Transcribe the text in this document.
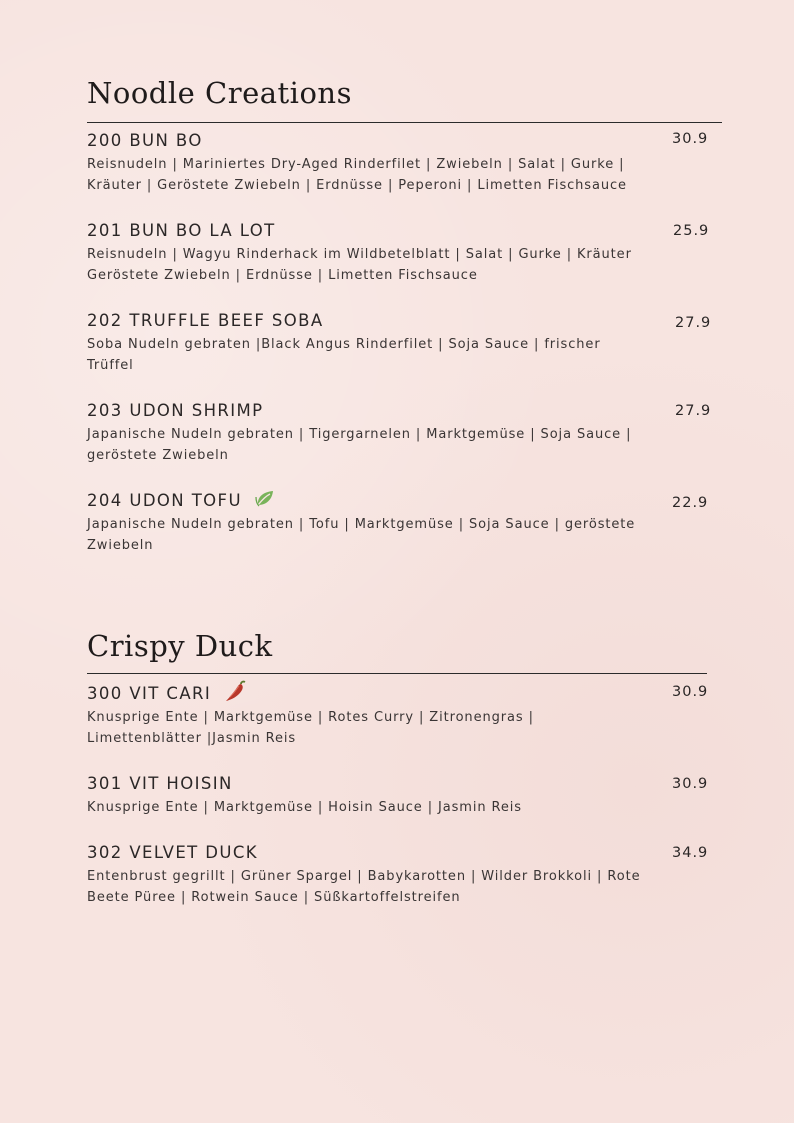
Noodle Creations
200 BUN BO
Reisnudeln | Mariniertes Dry-Aged Rinderfilet | Zwiebeln | Salat | Gurke | Kräuter | Geröstete Zwiebeln | Erdnüsse | Peperoni | Limetten Fischsauce
30.9
201 BUN BO LA LOT
Reisnudeln | Wagyu Rinderhack im Wildbetelblatt | Salat | Gurke | Kräuter Geröstete Zwiebeln | Erdnüsse | Limetten Fischsauce
25.9
202 TRUFFLE BEEF SOBA
Soba Nudeln gebraten |Black Angus Rinderfilet | Soja Sauce | frischer Trüffel
27.9
203 UDON SHRIMP
Japanische Nudeln gebraten | Tigergarnelen | Marktgemüse | Soja Sauce | geröstete Zwiebeln
27.9
204 UDON TOFU
Japanische Nudeln gebraten | Tofu | Marktgemüse | Soja Sauce | geröstete Zwiebeln
22.9
Crispy Duck
300 VIT CARI
Knusprige Ente | Marktgemüse | Rotes Curry | Zitronengras | Limettenblätter |Jasmin Reis
30.9
301 VIT HOISIN
Knusprige Ente | Marktgemüse | Hoisin Sauce | Jasmin Reis
30.9
302 VELVET DUCK
Entenbrust gegrillt | Grüner Spargel | Babykarotten | Wilder Brokkoli | Rote Beete Püree | Rotwein Sauce | Süßkartoffelstreifen
34.9
